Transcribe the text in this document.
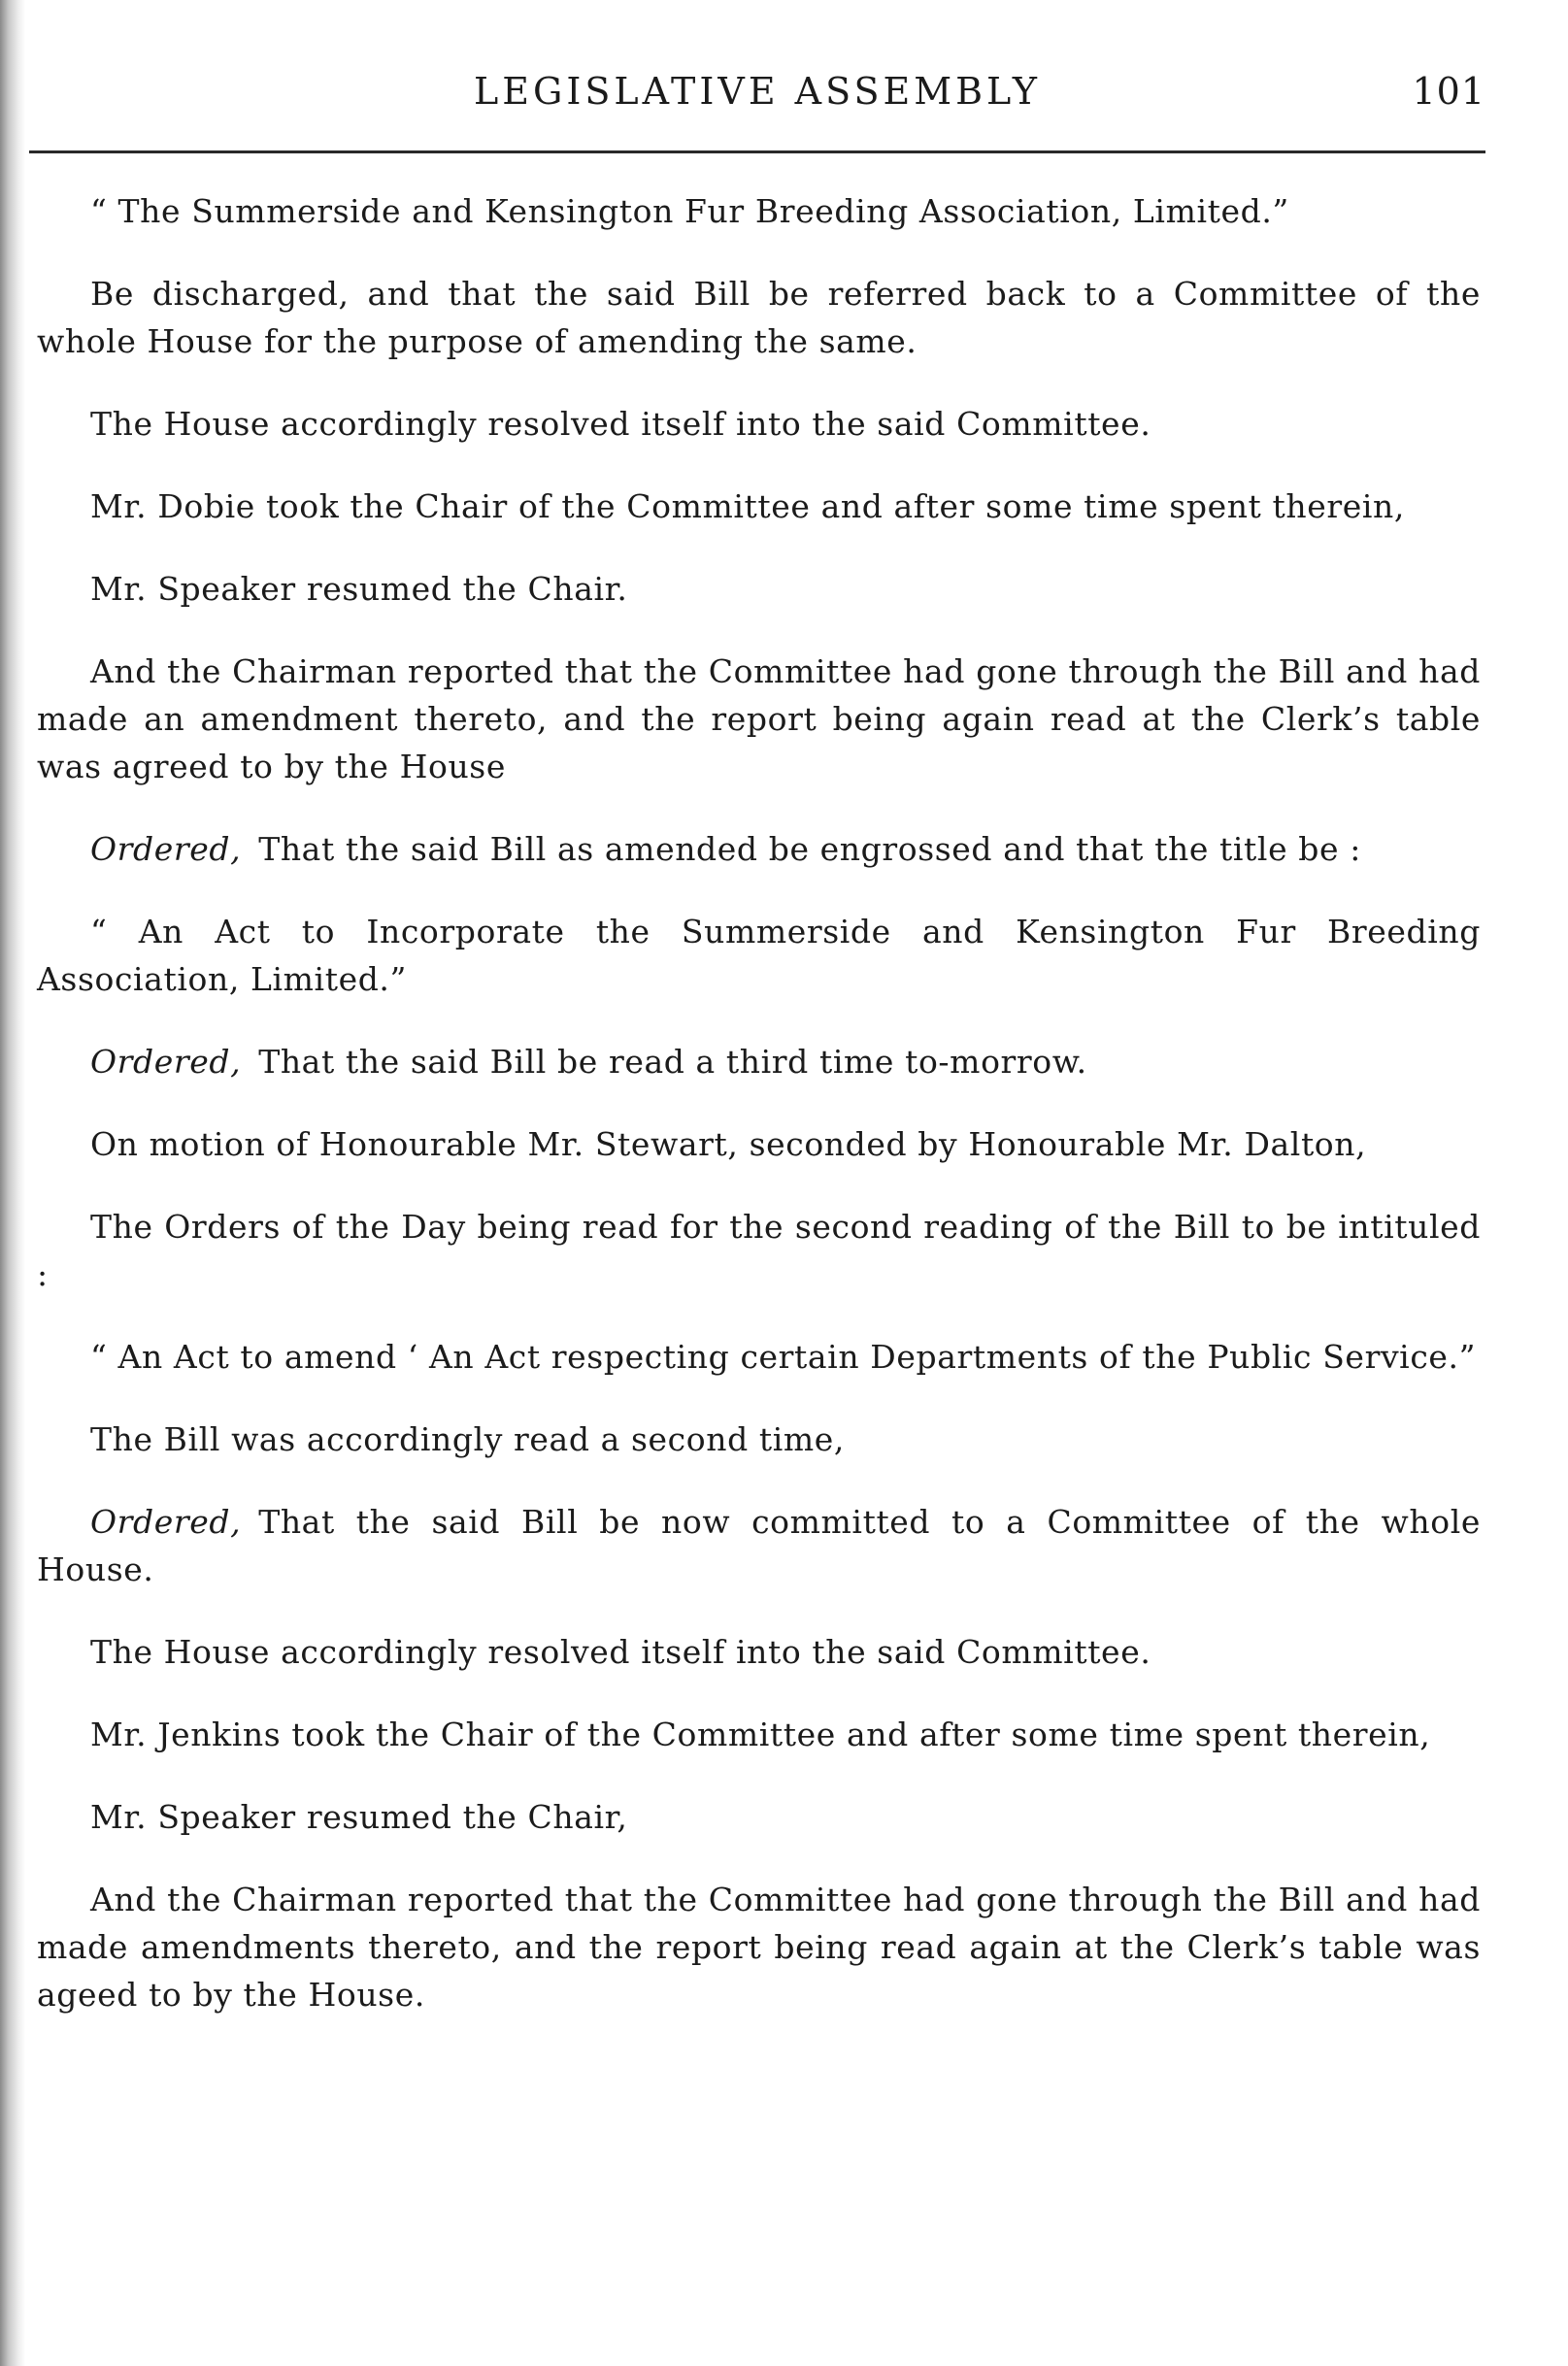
LEGISLATIVE ASSEMBLY	101

“ The Summerside and Kensington Fur Breeding Association, Limited.”

Be discharged, and that the said Bill be referred back to a Committee of the whole House for the purpose of amending the same.

The House accordingly resolved itself into the said Committee.

Mr. Dobie took the Chair of the Committee and after some time spent therein,

Mr. Speaker resumed the Chair.

And the Chairman reported that the Committee had gone through the Bill and had made an amendment thereto, and the report being again read at the Clerk’s table was agreed to by the House

Ordered, That the said Bill as amended be engrossed and that the title be :

“ An Act to Incorporate the Summerside and Kensington Fur Breeding Association, Limited.”

Ordered, That the said Bill be read a third time to-morrow.

On motion of Honourable Mr. Stewart, seconded by Honourable Mr. Dalton,

The Orders of the Day being read for the second reading of the Bill to be intituled :

“ An Act to amend ‘ An Act respecting certain Departments of the Public Service.”

The Bill was accordingly read a second time,

Ordered, That the said Bill be now committed to a Committee of the whole House.

The House accordingly resolved itself into the said Committee.

Mr. Jenkins took the Chair of the Committee and after some time spent therein,

Mr. Speaker resumed the Chair,

And the Chairman reported that the Committee had gone through the Bill and had made amendments thereto, and the report being read again at the Clerk’s table was ageed to by the House.
